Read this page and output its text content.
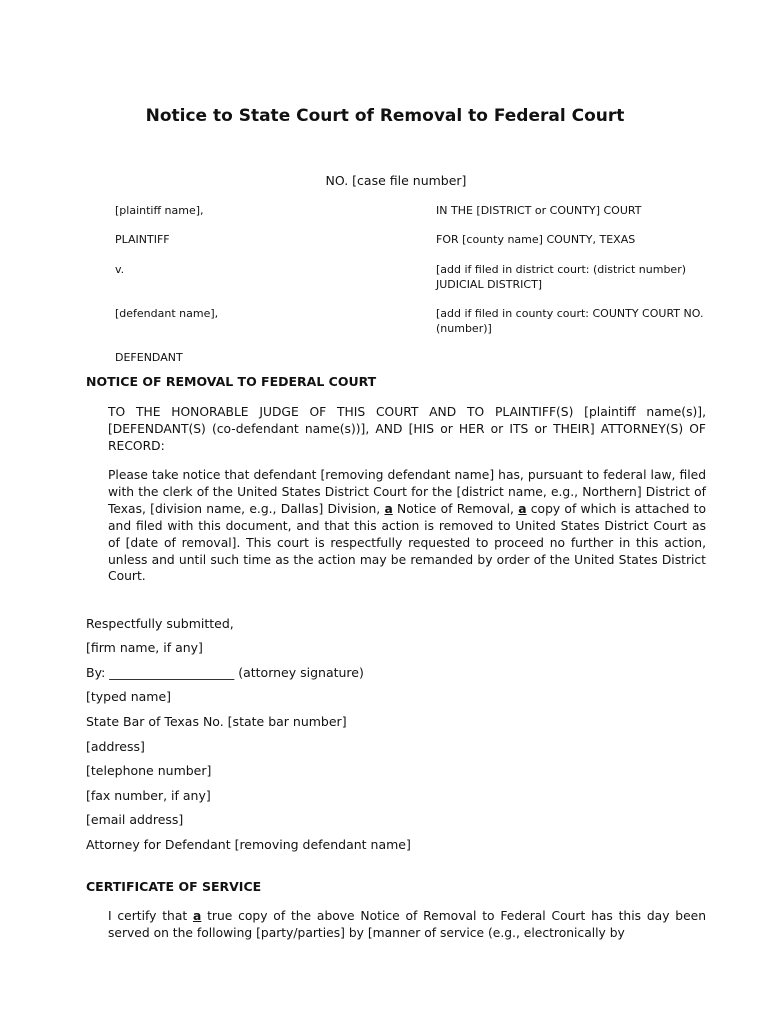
Notice to State Court of Removal to Federal Court
NO. [case file number]
[plaintiff name],
PLAINTIFF
v.
[defendant name],
DEFENDANT
IN THE [DISTRICT or COUNTY] COURT
FOR [county name] COUNTY, TEXAS
[add if filed in district court: (district number) JUDICIAL DISTRICT]
[add if filed in county court: COUNTY COURT NO. (number)]
NOTICE OF REMOVAL TO FEDERAL COURT
TO THE HONORABLE JUDGE OF THIS COURT AND TO PLAINTIFF(S) [plaintiff name(s)], [DEFENDANT(S) (co-defendant name(s))], AND [HIS or HER or ITS or THEIR] ATTORNEY(S) OF RECORD:
Please take notice that defendant [removing defendant name] has, pursuant to federal law, filed with the clerk of the United States District Court for the [district name, e.g., Northern] District of Texas, [division name, e.g., Dallas] Division, a Notice of Removal, a copy of which is attached to and filed with this document, and that this action is removed to United States District Court as of [date of removal]. This court is respectfully requested to proceed no further in this action, unless and until such time as the action may be remanded by order of the United States District Court.
Respectfully submitted,
[firm name, if any]
By: ____________________ (attorney signature)
[typed name]
State Bar of Texas No. [state bar number]
[address]
[telephone number]
[fax number, if any]
[email address]
Attorney for Defendant [removing defendant name]
CERTIFICATE OF SERVICE
I certify that a true copy of the above Notice of Removal to Federal Court has this day been served on the following [party/parties] by [manner of service (e.g., electronically by
